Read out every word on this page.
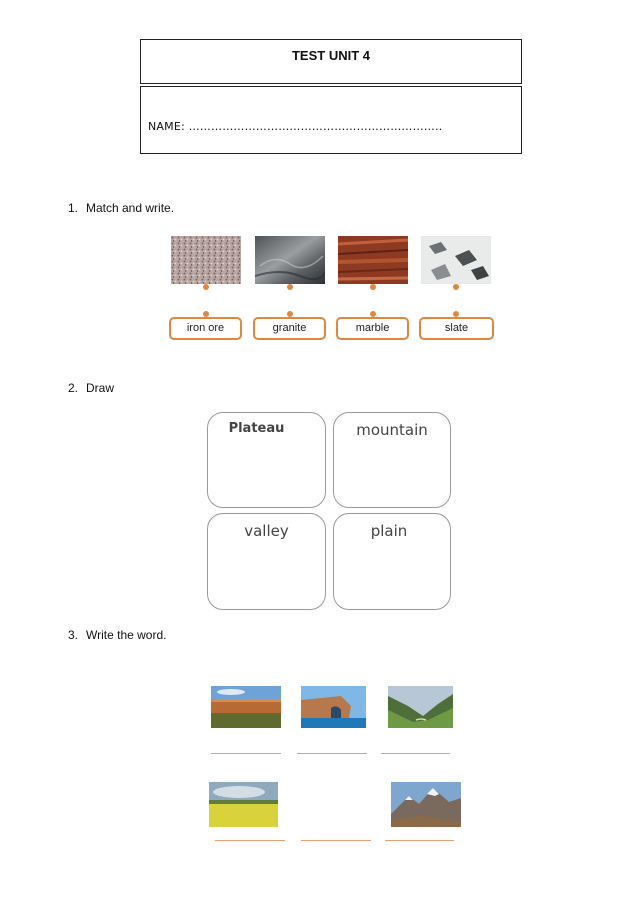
TEST UNIT 4
NAME: …………………………………………………………..
1. Match and write.
iron ore	granite	marble	slate
2. Draw
Plateau	mountain
valley	plain
3. Write the word.
